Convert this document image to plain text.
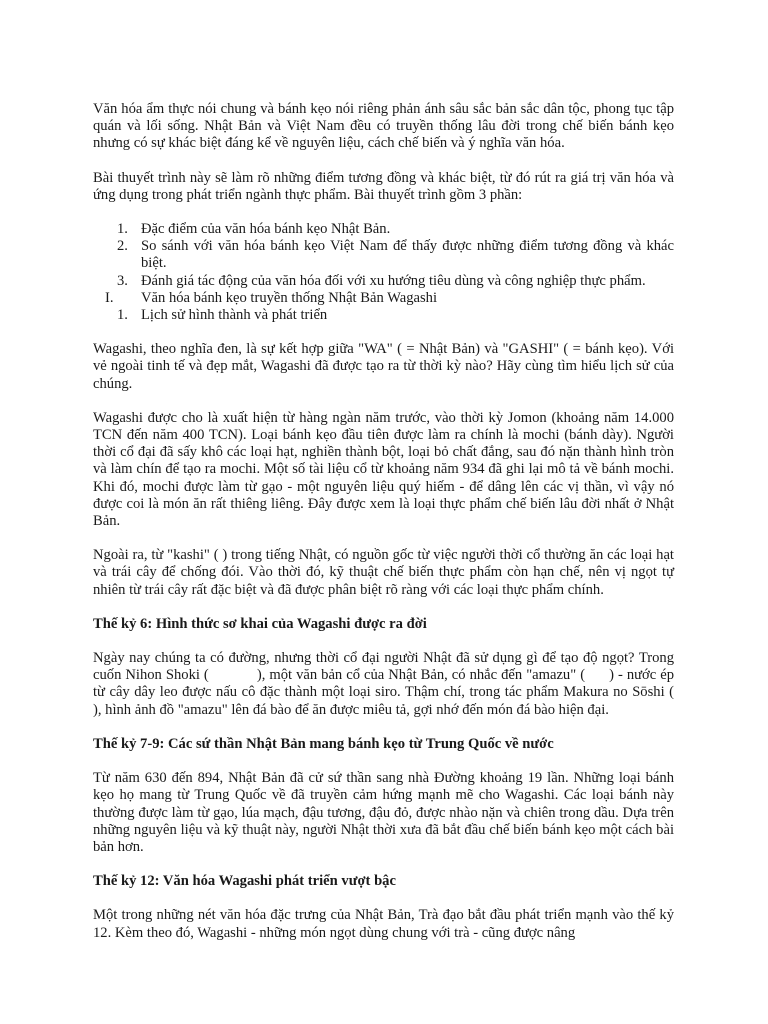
Văn hóa ẩm thực nói chung và bánh kẹo nói riêng phản ánh sâu sắc bản sắc dân tộc, phong tục tập quán và lối sống. Nhật Bản và Việt Nam đều có truyền thống lâu đời trong chế biến bánh kẹo nhưng có sự khác biệt đáng kể về nguyên liệu, cách chế biến và ý nghĩa văn hóa.

Bài thuyết trình này sẽ làm rõ những điểm tương đồng và khác biệt, từ đó rút ra giá trị văn hóa và ứng dụng trong phát triển ngành thực phẩm. Bài thuyết trình gồm 3 phần:

1. Đặc điểm của văn hóa bánh kẹo Nhật Bản.
2. So sánh với văn hóa bánh kẹo Việt Nam để thấy được những điểm tương đồng và khác biệt.
3. Đánh giá tác động của văn hóa đối với xu hướng tiêu dùng và công nghiệp thực phẩm.
I. Văn hóa bánh kẹo truyền thống Nhật Bản Wagashi
1. Lịch sử hình thành và phát triển

Wagashi, theo nghĩa đen, là sự kết hợp giữa "WA" ( = Nhật Bản) và "GASHI" ( = bánh kẹo). Với vẻ ngoài tinh tế và đẹp mắt, Wagashi đã được tạo ra từ thời kỳ nào? Hãy cùng tìm hiểu lịch sử của chúng.

Wagashi được cho là xuất hiện từ hàng ngàn năm trước, vào thời kỳ Jomon (khoảng năm 14.000 TCN đến năm 400 TCN). Loại bánh kẹo đầu tiên được làm ra chính là mochi (bánh dày). Người thời cổ đại đã sấy khô các loại hạt, nghiền thành bột, loại bỏ chất đắng, sau đó nặn thành hình tròn và làm chín để tạo ra mochi. Một số tài liệu cổ từ khoảng năm 934 đã ghi lại mô tả về bánh mochi. Khi đó, mochi được làm từ gạo - một nguyên liệu quý hiếm - để dâng lên các vị thần, vì vậy nó được coi là món ăn rất thiêng liêng. Đây được xem là loại thực phẩm chế biến lâu đời nhất ở Nhật Bản.

Ngoài ra, từ "kashi" ( ) trong tiếng Nhật, có nguồn gốc từ việc người thời cổ thường ăn các loại hạt và trái cây để chống đói. Vào thời đó, kỹ thuật chế biến thực phẩm còn hạn chế, nên vị ngọt tự nhiên từ trái cây rất đặc biệt và đã được phân biệt rõ ràng với các loại thực phẩm chính.

Thế kỷ 6: Hình thức sơ khai của Wagashi được ra đời

Ngày nay chúng ta có đường, nhưng thời cổ đại người Nhật đã sử dụng gì để tạo độ ngọt? Trong cuốn Nihon Shoki (            ), một văn bản cổ của Nhật Bản, có nhắc đến "amazu" (      ) - nước ép từ cây dây leo được nấu cô đặc thành một loại siro. Thậm chí, trong tác phẩm Makura no Sōshi (          ), hình ảnh đồ "amazu" lên đá bào để ăn được miêu tả, gợi nhớ đến món đá bào hiện đại.

Thế kỷ 7-9: Các sứ thần Nhật Bản mang bánh kẹo từ Trung Quốc về nước

Từ năm 630 đến 894, Nhật Bản đã cử sứ thần sang nhà Đường khoảng 19 lần. Những loại bánh kẹo họ mang từ Trung Quốc về đã truyền cảm hứng mạnh mẽ cho Wagashi. Các loại bánh này thường được làm từ gạo, lúa mạch, đậu tương, đậu đỏ, được nhào nặn và chiên trong dầu. Dựa trên những nguyên liệu và kỹ thuật này, người Nhật thời xưa đã bắt đầu chế biến bánh kẹo một cách bài bản hơn.

Thế kỷ 12: Văn hóa Wagashi phát triển vượt bậc

Một trong những nét văn hóa đặc trưng của Nhật Bản, Trà đạo bắt đầu phát triển mạnh vào thế kỷ 12. Kèm theo đó, Wagashi - những món ngọt dùng chung với trà - cũng được nâng
